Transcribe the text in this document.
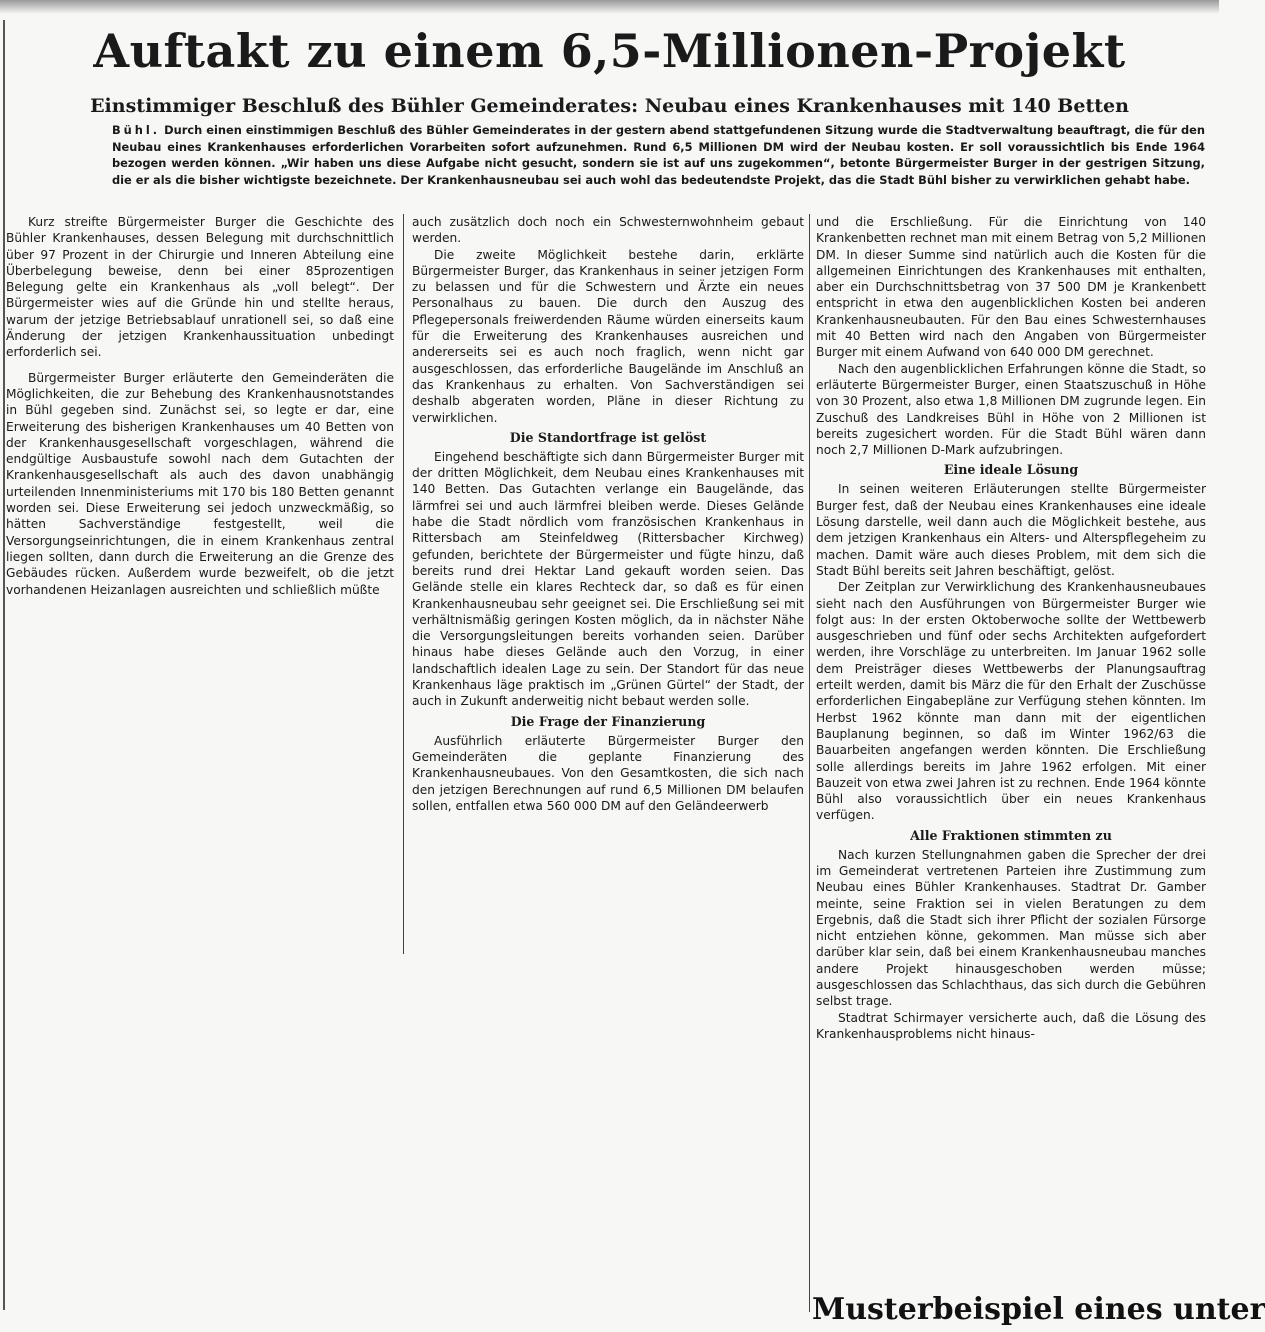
Auftakt zu einem 6,5-Millionen-Projekt
Einstimmiger Beschluß des Bühler Gemeinderates: Neubau eines Krankenhauses mit 140 Betten

Bühl. Durch einen einstimmigen Beschluß des Bühler Gemeinderates in der gestern abend stattgefundenen Sitzung wurde die Stadtverwaltung beauftragt, die für den Neubau eines Krankenhauses erforderlichen Vorarbeiten sofort aufzunehmen. Rund 6,5 Millionen DM wird der Neubau kosten. Er soll voraussichtlich bis Ende 1964 bezogen werden können. „Wir haben uns diese Aufgabe nicht gesucht, sondern sie ist auf uns zugekommen“, betonte Bürgermeister Burger in der gestrigen Sitzung, die er als die bisher wichtigste bezeichnete. Der Krankenhausneubau sei auch wohl das bedeutendste Projekt, das die Stadt Bühl bisher zu verwirklichen gehabt habe.

Kurz streifte Bürgermeister Burger die Geschichte des Bühler Krankenhauses, dessen Belegung mit durchschnittlich über 97 Prozent in der Chirurgie und Inneren Abteilung eine Überbelegung beweise, denn bei einer 85prozentigen Belegung gelte ein Krankenhaus als „voll belegt“. Der Bürgermeister wies auf die Gründe hin und stellte heraus, warum der jetzige Betriebsablauf unrationell sei, so daß eine Änderung der jetzigen Krankenhaussituation unbedingt erforderlich sei.

Bürgermeister Burger erläuterte den Gemeinderäten die Möglichkeiten, die zur Behebung des Krankenhausnotstandes in Bühl gegeben sind. Zunächst sei, so legte er dar, eine Erweiterung des bisherigen Krankenhauses um 40 Betten von der Krankenhausgesellschaft vorgeschlagen, während die endgültige Ausbaustufe sowohl nach dem Gutachten der Krankenhausgesellschaft als auch des davon unabhängig urteilenden Innenministeriums mit 170 bis 180 Betten genannt worden sei. Diese Erweiterung sei jedoch unzweckmäßig, so hätten Sachverständige festgestellt, weil die Versorgungseinrichtungen, die in einem Krankenhaus zentral liegen sollten, dann durch die Erweiterung an die Grenze des Gebäudes rücken. Außerdem wurde bezweifelt, ob die jetzt vorhandenen Heizanlagen ausreichten und schließlich müßte

auch zusätzlich doch noch ein Schwesternwohnheim gebaut werden.

Die zweite Möglichkeit bestehe darin, erklärte Bürgermeister Burger, das Krankenhaus in seiner jetzigen Form zu belassen und für die Schwestern und Ärzte ein neues Personalhaus zu bauen. Die durch den Auszug des Pflegepersonals freiwerdenden Räume würden einerseits kaum für die Erweiterung des Krankenhauses ausreichen und andererseits sei es auch noch fraglich, wenn nicht gar ausgeschlossen, das erforderliche Baugelände im Anschluß an das Krankenhaus zu erhalten. Von Sachverständigen sei deshalb abgeraten worden, Pläne in dieser Richtung zu verwirklichen.

Die Standortfrage ist gelöst

Eingehend beschäftigte sich dann Bürgermeister Burger mit der dritten Möglichkeit, dem Neubau eines Krankenhauses mit 140 Betten. Das Gutachten verlange ein Baugelände, das lärmfrei sei und auch lärmfrei bleiben werde. Dieses Gelände habe die Stadt nördlich vom französischen Krankenhaus in Rittersbach am Steinfeldweg (Rittersbacher Kirchweg) gefunden, berichtete der Bürgermeister und fügte hinzu, daß bereits rund drei Hektar Land gekauft worden seien. Das Gelände stelle ein klares Rechteck dar, so daß es für einen Krankenhausneubau sehr geeignet sei. Die Erschließung sei mit verhältnismäßig geringen Kosten möglich, da in nächster Nähe die Versorgungsleitungen bereits vorhanden seien. Darüber hinaus habe dieses Gelände auch den Vorzug, in einer landschaftlich idealen Lage zu sein. Der Standort für das neue Krankenhaus läge praktisch im „Grünen Gürtel“ der Stadt, der auch in Zukunft anderweitig nicht bebaut werden solle.

Die Frage der Finanzierung

Ausführlich erläuterte Bürgermeister Burger den Gemeinderäten die geplante Finanzierung des Krankenhausneubaues. Von den Gesamtkosten, die sich nach den jetzigen Berechnungen auf rund 6,5 Millionen DM belaufen sollen, entfallen etwa 560 000 DM auf den Geländeerwerb

und die Erschließung. Für die Einrichtung von 140 Krankenbetten rechnet man mit einem Betrag von 5,2 Millionen DM. In dieser Summe sind natürlich auch die Kosten für die allgemeinen Einrichtungen des Krankenhauses mit enthalten, aber ein Durchschnittsbetrag von 37 500 DM je Krankenbett entspricht in etwa den augenblicklichen Kosten bei anderen Krankenhausneubauten. Für den Bau eines Schwesternhauses mit 40 Betten wird nach den Angaben von Bürgermeister Burger mit einem Aufwand von 640 000 DM gerechnet.

Nach den augenblicklichen Erfahrungen könne die Stadt, so erläuterte Bürgermeister Burger, einen Staatszuschuß in Höhe von 30 Prozent, also etwa 1,8 Millionen DM zugrunde legen. Ein Zuschuß des Landkreises Bühl in Höhe von 2 Millionen ist bereits zugesichert worden. Für die Stadt Bühl wären dann noch 2,7 Millionen D-Mark aufzubringen.

Eine ideale Lösung

In seinen weiteren Erläuterungen stellte Bürgermeister Burger fest, daß der Neubau eines Krankenhauses eine ideale Lösung darstelle, weil dann auch die Möglichkeit bestehe, aus dem jetzigen Krankenhaus ein Alters- und Alterspflegeheim zu machen. Damit wäre auch dieses Problem, mit dem sich die Stadt Bühl bereits seit Jahren beschäftigt, gelöst.

Der Zeitplan zur Verwirklichung des Krankenhausneubaues sieht nach den Ausführungen von Bürgermeister Burger wie folgt aus: In der ersten Oktoberwoche sollte der Wettbewerb ausgeschrieben und fünf oder sechs Architekten aufgefordert werden, ihre Vorschläge zu unterbreiten. Im Januar 1962 solle dem Preisträger dieses Wettbewerbs der Planungsauftrag erteilt werden, damit bis März die für den Erhalt der Zuschüsse erforderlichen Eingabepläne zur Verfügung stehen könnten. Im Herbst 1962 könnte man dann mit der eigentlichen Bauplanung beginnen, so daß im Winter 1962/63 die Bauarbeiten angefangen werden könnten. Die Erschließung solle allerdings bereits im Jahre 1962 erfolgen. Mit einer Bauzeit von etwa zwei Jahren ist zu rechnen. Ende 1964 könnte Bühl also voraussichtlich über ein neues Krankenhaus verfügen.

Alle Fraktionen stimmten zu

Nach kurzen Stellungnahmen gaben die Sprecher der drei im Gemeinderat vertretenen Parteien ihre Zustimmung zum Neubau eines Bühler Krankenhauses. Stadtrat Dr. Gamber meinte, seine Fraktion sei in vielen Beratungen zu dem Ergebnis, daß die Stadt sich ihrer Pflicht der sozialen Fürsorge nicht entziehen könne, gekommen. Man müsse sich aber darüber klar sein, daß bei einem Krankenhausneubau manches andere Projekt hinausgeschoben werden müsse; ausgeschlossen das Schlachthaus, das sich durch die Gebühren selbst trage.

Stadtrat Schirmayer versicherte auch, daß die Lösung des Krankenhausproblems nicht hinaus-

Musterbeispiel eines unter
